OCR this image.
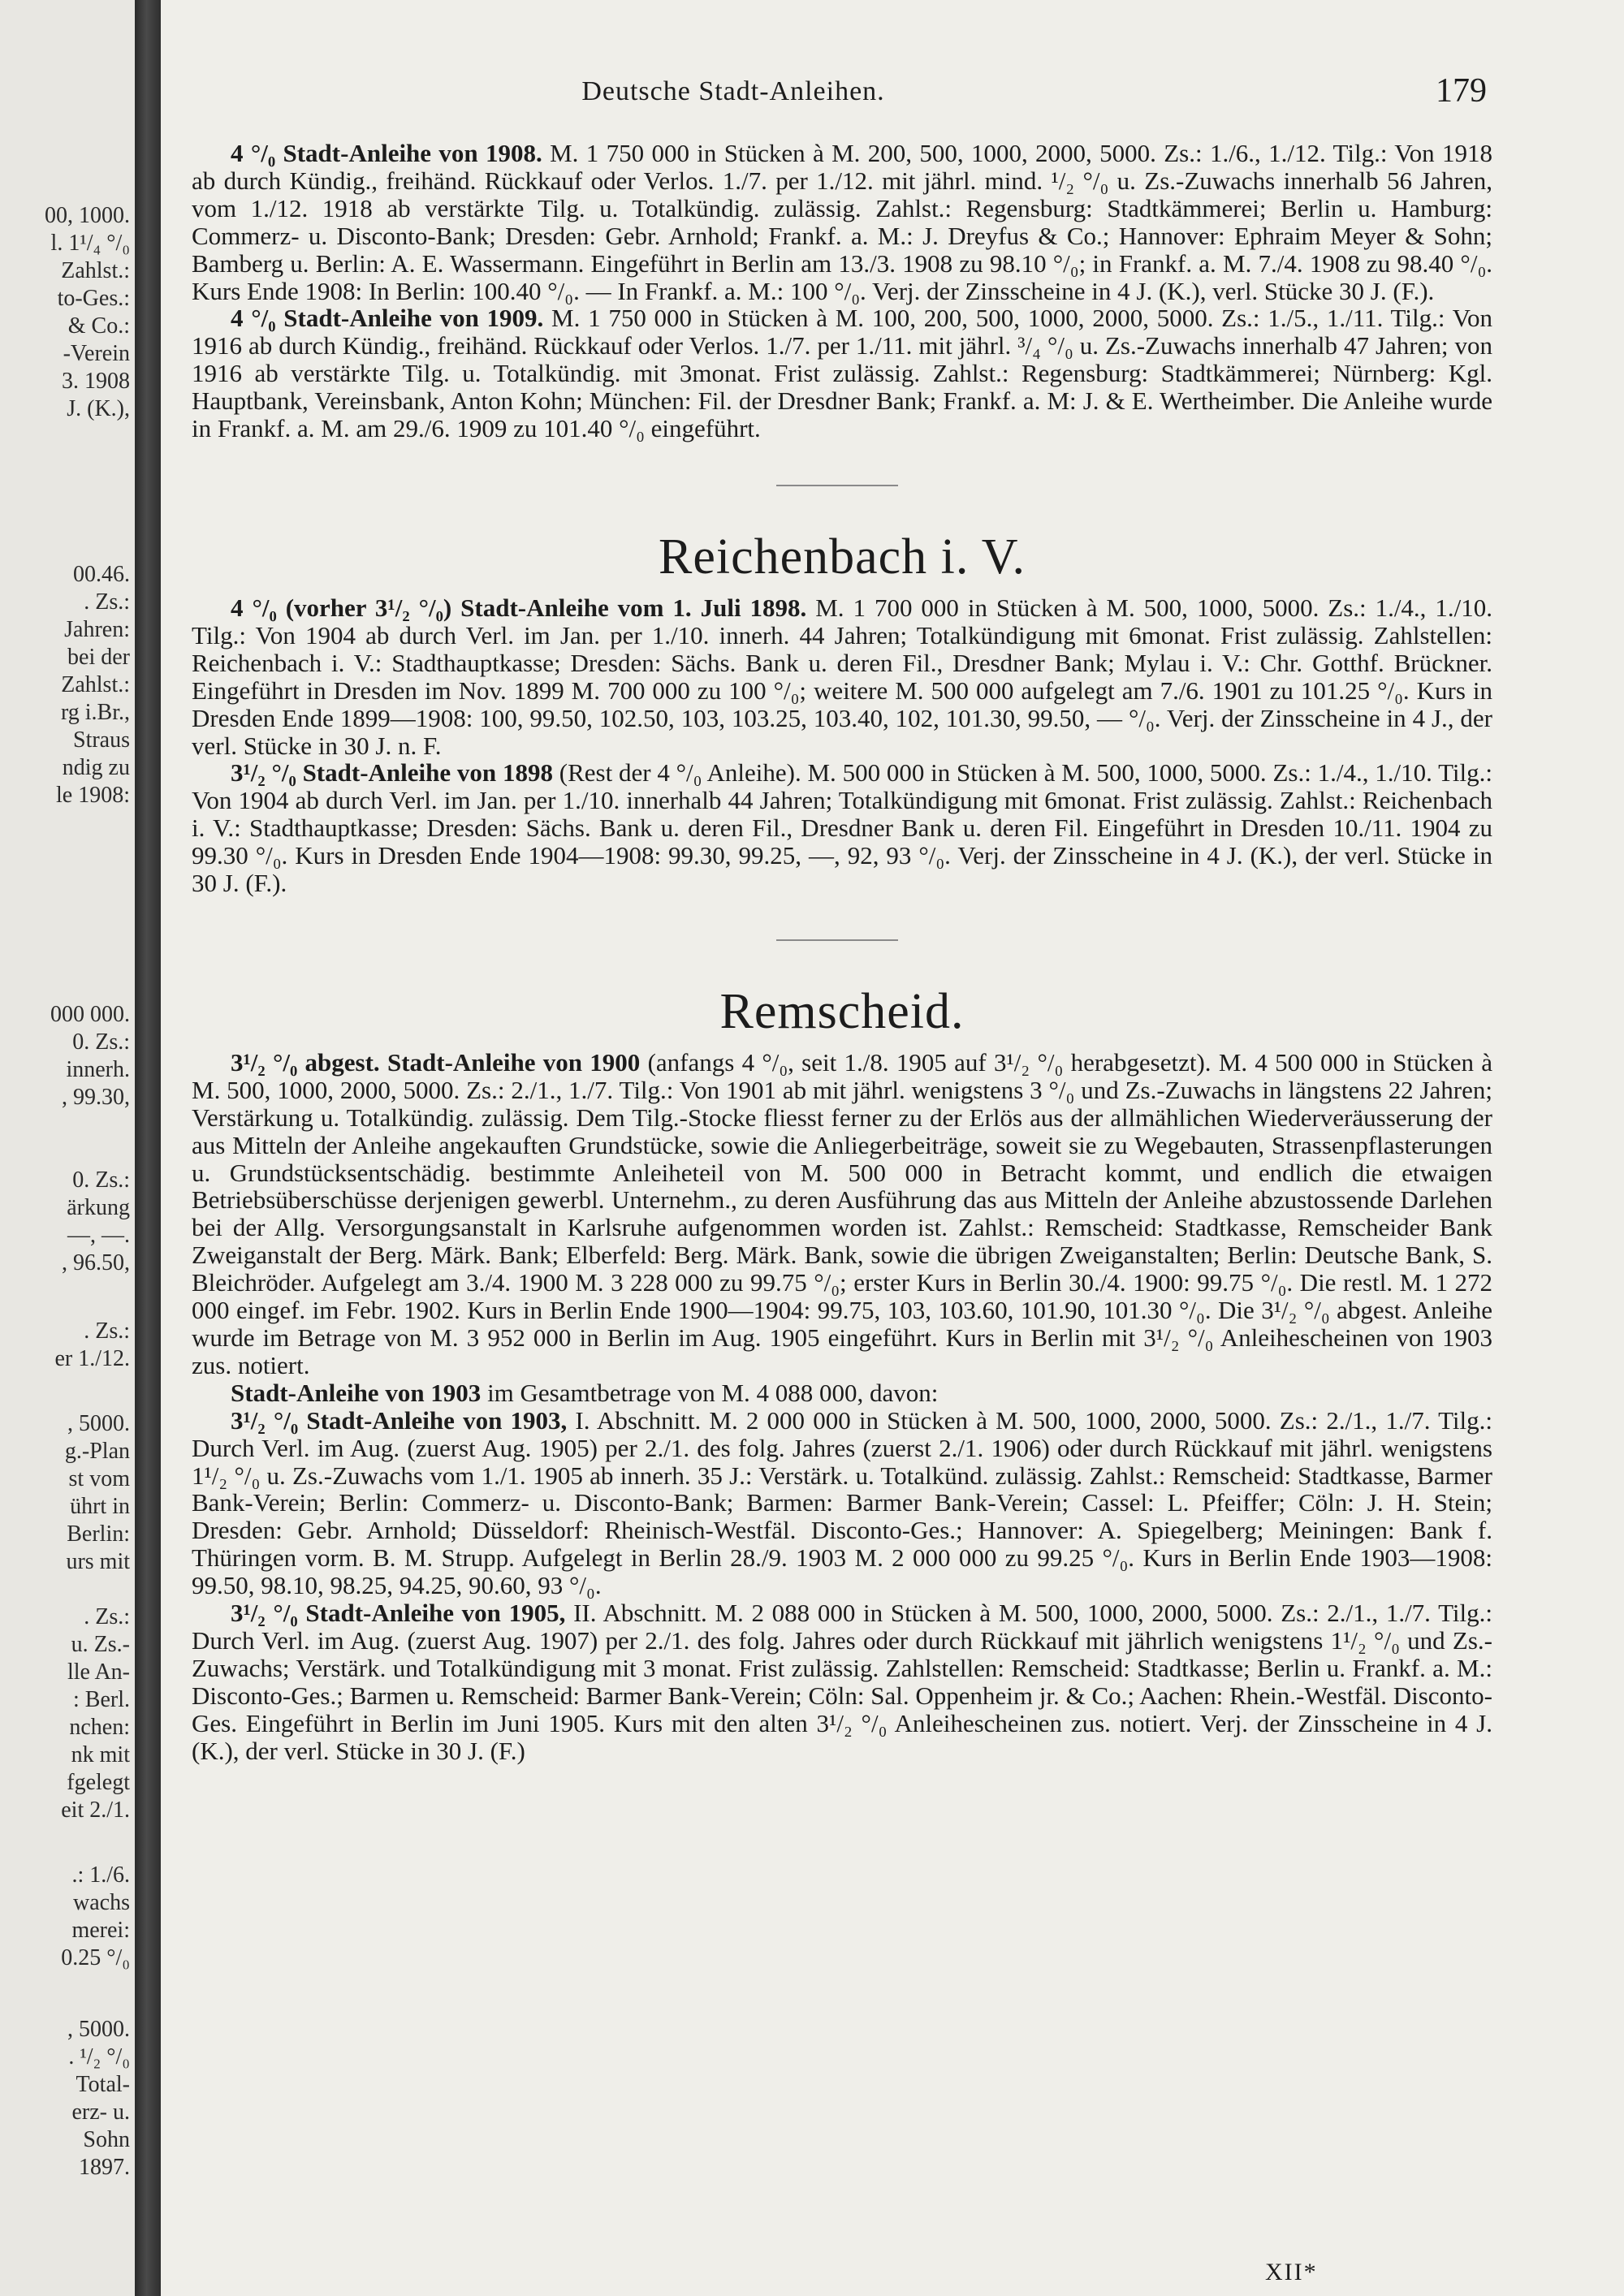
00, 1000.
l. 1¹/₄ °/₀
Zahlst.:
to-Ges.:
& Co.:
-Verein
3. 1908
J. (K.),
00.46.
. Zs.:
Jahren:
bei der
Zahlst.:
rg i.Br.,
Straus
ndig zu
le 1908:
000 000.
0. Zs.:
innerh.
, 99.30,
0. Zs.:
ärkung
—, —.
, 96.50,
. Zs.:
er 1./12.
, 5000.
g.-Plan
st vom
ührt in
Berlin:
urs mit
. Zs.:
u. Zs.-
lle An-
: Berl.
nchen:
nk mit
fgelegt
eit 2./1.
.: 1./6.
wachs
merei:
0.25 °/₀
, 5000.
. ¹/₂ °/₀
Total-
erz- u.
Sohn
1897.
Deutsche Stadt-Anleihen.	179

4 °/₀ Stadt-Anleihe von 1908. M. 1 750 000 in Stücken à M. 200, 500, 1000, 2000, 5000. Zs.: 1./6., 1./12. Tilg.: Von 1918 ab durch Kündig., freihänd. Rückkauf oder Verlos. 1./7. per 1./12. mit jährl. mind. ¹/₂ °/₀ u. Zs.-Zuwachs innerhalb 56 Jahren, vom 1./12. 1918 ab verstärkte Tilg. u. Totalkündig. zulässig. Zahlst.: Regensburg: Stadtkämmerei; Berlin u. Hamburg: Commerz- u. Disconto-Bank; Dresden: Gebr. Arnhold; Frankf. a. M.: J. Dreyfus & Co.; Hannover: Ephraim Meyer & Sohn; Bamberg u. Berlin: A. E. Wassermann. Eingeführt in Berlin am 13./3. 1908 zu 98.10 °/₀; in Frankf. a. M. 7./4. 1908 zu 98.40 °/₀. Kurs Ende 1908: In Berlin: 100.40 °/₀. — In Frankf. a. M.: 100 °/₀. Verj. der Zinsscheine in 4 J. (K.), verl. Stücke 30 J. (F.).

4 °/₀ Stadt-Anleihe von 1909. M. 1 750 000 in Stücken à M. 100, 200, 500, 1000, 2000, 5000. Zs.: 1./5., 1./11. Tilg.: Von 1916 ab durch Kündig., freihänd. Rückkauf oder Verlos. 1./7. per 1./11. mit jährl. ³/₄ °/₀ u. Zs.-Zuwachs innerhalb 47 Jahren; von 1916 ab verstärkte Tilg. u. Totalkündig. mit 3monat. Frist zulässig. Zahlst.: Regensburg: Stadtkämmerei; Nürnberg: Kgl. Hauptbank, Vereinsbank, Anton Kohn; München: Fil. der Dresdner Bank; Frankf. a. M: J. & E. Wertheimber. Die Anleihe wurde in Frankf. a. M. am 29./6. 1909 zu 101.40 °/₀ eingeführt.

Reichenbach i. V.

4 °/₀ (vorher 3¹/₂ °/₀) Stadt-Anleihe vom 1. Juli 1898. M. 1 700 000 in Stücken à M. 500, 1000, 5000. Zs.: 1./4., 1./10. Tilg.: Von 1904 ab durch Verl. im Jan. per 1./10. innerh. 44 Jahren; Totalkündigung mit 6monat. Frist zulässig. Zahlstellen: Reichenbach i. V.: Stadthauptkasse; Dresden: Sächs. Bank u. deren Fil., Dresdner Bank; Mylau i. V.: Chr. Gotthf. Brückner. Eingeführt in Dresden im Nov. 1899 M. 700 000 zu 100 °/₀; weitere M. 500 000 aufgelegt am 7./6. 1901 zu 101.25 °/₀. Kurs in Dresden Ende 1899—1908: 100, 99.50, 102.50, 103, 103.25, 103.40, 102, 101.30, 99.50, — °/₀. Verj. der Zinsscheine in 4 J., der verl. Stücke in 30 J. n. F.

3¹/₂ °/₀ Stadt-Anleihe von 1898 (Rest der 4 °/₀ Anleihe). M. 500 000 in Stücken à M. 500, 1000, 5000. Zs.: 1./4., 1./10. Tilg.: Von 1904 ab durch Verl. im Jan. per 1./10. innerhalb 44 Jahren; Totalkündigung mit 6monat. Frist zulässig. Zahlst.: Reichenbach i. V.: Stadthauptkasse; Dresden: Sächs. Bank u. deren Fil., Dresdner Bank u. deren Fil. Eingeführt in Dresden 10./11. 1904 zu 99.30 °/₀. Kurs in Dresden Ende 1904—1908: 99.30, 99.25, —, 92, 93 °/₀. Verj. der Zinsscheine in 4 J. (K.), der verl. Stücke in 30 J. (F.).

Remscheid.

3¹/₂ °/₀ abgest. Stadt-Anleihe von 1900 (anfangs 4 °/₀, seit 1./8. 1905 auf 3¹/₂ °/₀ herabgesetzt). M. 4 500 000 in Stücken à M. 500, 1000, 2000, 5000. Zs.: 2./1., 1./7. Tilg.: Von 1901 ab mit jährl. wenigstens 3 °/₀ und Zs.-Zuwachs in längstens 22 Jahren; Verstärkung u. Totalkündig. zulässig. Dem Tilg.-Stocke fliesst ferner zu der Erlös aus der allmählichen Wiederveräusserung der aus Mitteln der Anleihe angekauften Grundstücke, sowie die Anliegerbeiträge, soweit sie zu Wegebauten, Strassenpflasterungen u. Grundstücksentschädig. bestimmte Anleiheteil von M. 500 000 in Betracht kommt, und endlich die etwaigen Betriebsüberschüsse derjenigen gewerbl. Unternehm., zu deren Ausführung das aus Mitteln der Anleihe abzustossende Darlehen bei der Allg. Versorgungsanstalt in Karlsruhe aufgenommen worden ist. Zahlst.: Remscheid: Stadtkasse, Remscheider Bank Zweiganstalt der Berg. Märk. Bank; Elberfeld: Berg. Märk. Bank, sowie die übrigen Zweiganstalten; Berlin: Deutsche Bank, S. Bleichröder. Aufgelegt am 3./4. 1900 M. 3 228 000 zu 99.75 °/₀; erster Kurs in Berlin 30./4. 1900: 99.75 °/₀. Die restl. M. 1 272 000 eingef. im Febr. 1902. Kurs in Berlin Ende 1900—1904: 99.75, 103, 103.60, 101.90, 101.30 °/₀. Die 3¹/₂ °/₀ abgest. Anleihe wurde im Betrage von M. 3 952 000 in Berlin im Aug. 1905 eingeführt. Kurs in Berlin mit 3¹/₂ °/₀ Anleihescheinen von 1903 zus. notiert.

Stadt-Anleihe von 1903 im Gesamtbetrage von M. 4 088 000, davon:

3¹/₂ °/₀ Stadt-Anleihe von 1903, I. Abschnitt. M. 2 000 000 in Stücken à M. 500, 1000, 2000, 5000. Zs.: 2./1., 1./7. Tilg.: Durch Verl. im Aug. (zuerst Aug. 1905) per 2./1. des folg. Jahres (zuerst 2./1. 1906) oder durch Rückkauf mit jährl. wenigstens 1¹/₂ °/₀ u. Zs.-Zuwachs vom 1./1. 1905 ab innerh. 35 J.: Verstärk. u. Totalkünd. zulässig. Zahlst.: Remscheid: Stadtkasse, Barmer Bank-Verein; Berlin: Commerz- u. Disconto-Bank; Barmen: Barmer Bank-Verein; Cassel: L. Pfeiffer; Cöln: J. H. Stein; Dresden: Gebr. Arnhold; Düsseldorf: Rheinisch-Westfäl. Disconto-Ges.; Hannover: A. Spiegelberg; Meiningen: Bank f. Thüringen vorm. B. M. Strupp. Aufgelegt in Berlin 28./9. 1903 M. 2 000 000 zu 99.25 °/₀. Kurs in Berlin Ende 1903—1908: 99.50, 98.10, 98.25, 94.25, 90.60, 93 °/₀.

3¹/₂ °/₀ Stadt-Anleihe von 1905, II. Abschnitt. M. 2 088 000 in Stücken à M. 500, 1000, 2000, 5000. Zs.: 2./1., 1./7. Tilg.: Durch Verl. im Aug. (zuerst Aug. 1907) per 2./1. des folg. Jahres oder durch Rückkauf mit jährlich wenigstens 1¹/₂ °/₀ und Zs.-Zuwachs; Verstärk. und Totalkündigung mit 3 monat. Frist zulässig. Zahlstellen: Remscheid: Stadtkasse; Berlin u. Frankf. a. M.: Disconto-Ges.; Barmen u. Remscheid: Barmer Bank-Verein; Cöln: Sal. Oppenheim jr. & Co.; Aachen: Rhein.-Westfäl. Disconto-Ges. Eingeführt in Berlin im Juni 1905. Kurs mit den alten 3¹/₂ °/₀ Anleihescheinen zus. notiert. Verj. der Zinsscheine in 4 J. (K.), der verl. Stücke in 30 J. (F.)

XII*
